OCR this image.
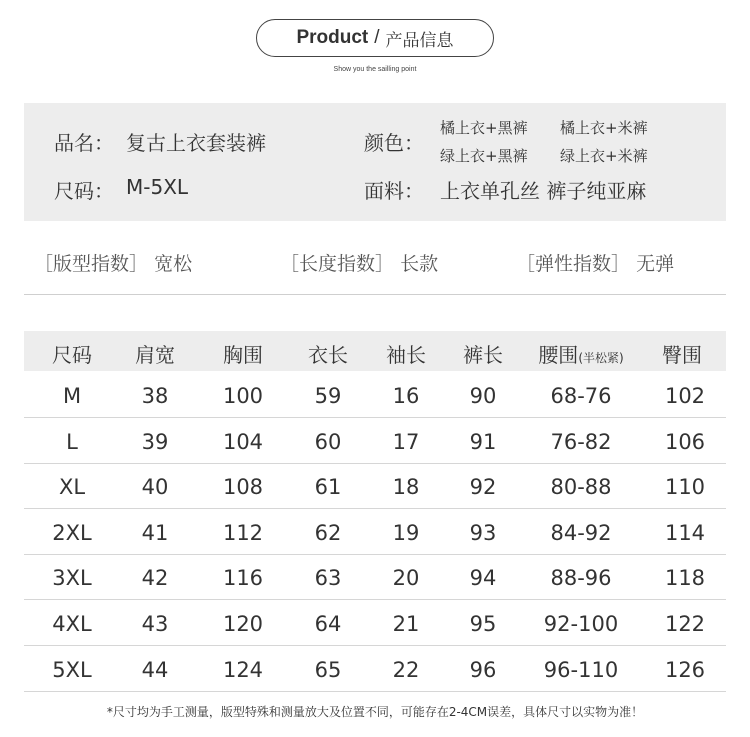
Product / 产品信息
Show you the sailling point
品名： 复古上衣套装裤
尺码： M-5XL
颜色：
橘上衣+黑裤 橘上衣+米裤
绿上衣+黑裤 绿上衣+米裤
面料： 上衣单孔丝 裤子纯亚麻
［版型指数］ 宽松	［长度指数］ 长款	［弹性指数］ 无弹
尺码 肩宽 胸围 衣长 袖长 裤长 腰围(半松紧) 臀围
M	38	100 59 16 90	68-76	102
L	39	104 60 17 91	76-82	106
XL	40	108 61 18 92	80-88	110
2XL 41	112 62 19 93	84-92	114
3XL 42	116 63 20 94	88-96	118
4XL 43	120 64 21 95 92-100 122
5XL 44	124 65 22 96 96-110 126
*尺寸均为手工测量，版型特殊和测量放大及位置不同，可能存在2-4CM误差，具体尺寸以实物为准！
